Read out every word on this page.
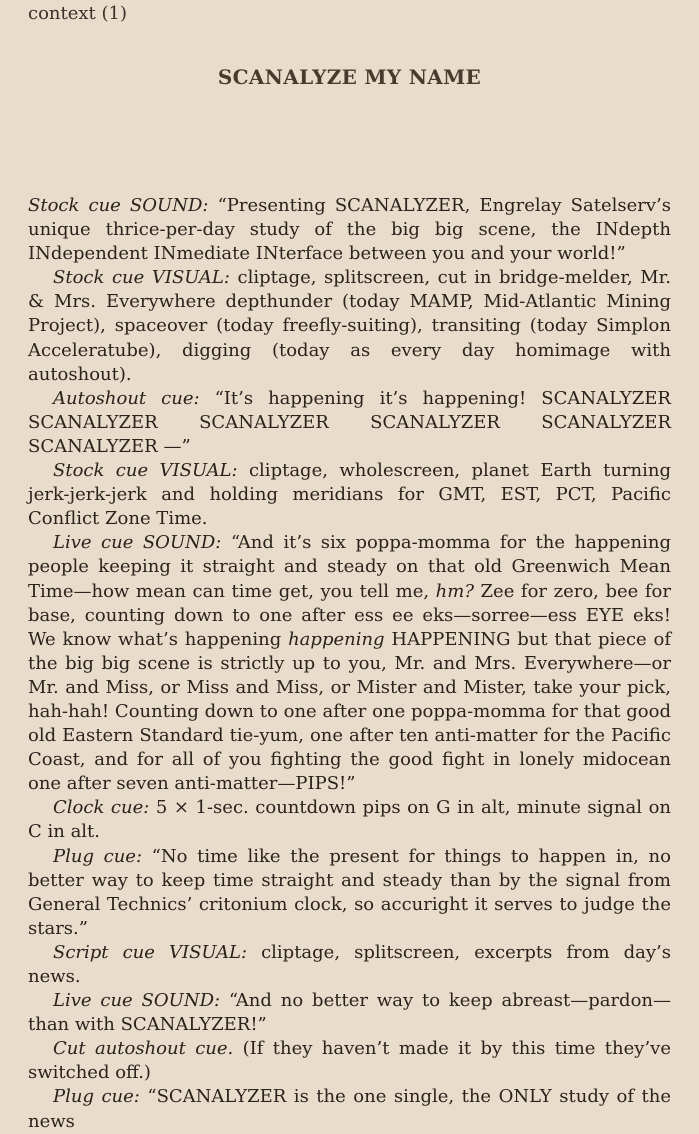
context (1)
SCANALYZE MY NAME

Stock cue SOUND: “Presenting SCANALYZER, Engrelay Satelserv’s unique thrice-per-day study of the big big scene, the INdepth INdependent INmediate INterface between you and your world!”

Stock cue VISUAL: cliptage, splitscreen, cut in bridge-melder, Mr. & Mrs. Everywhere depthunder (today MAMP, Mid-Atlantic Mining Project), spaceover (today freefly-suiting), transiting (today Simplon Acceleratube), digging (today as every day homimage with autoshout).

Autoshout cue: “It’s happening it’s happening! SCANALYZER SCANALYZER SCANALYZER SCANALYZER SCANALYZER SCANALYZER —”

Stock cue VISUAL: cliptage, wholescreen, planet Earth turning jerk-jerk-jerk and holding meridians for GMT, EST, PCT, Pacific Conflict Zone Time.

Live cue SOUND: “And it’s six poppa-momma for the happening people keeping it straight and steady on that old Greenwich Mean Time—how mean can time get, you tell me, hm? Zee for zero, bee for base, counting down to one after ess ee eks—sorree—ess EYE eks! We know what’s happening happening HAPPENING but that piece of the big big scene is strictly up to you, Mr. and Mrs. Everywhere—or Mr. and Miss, or Miss and Miss, or Mister and Mister, take your pick, hah-hah! Counting down to one after one poppa-momma for that good old Eastern Standard tie-yum, one after ten anti-matter for the Pacific Coast, and for all of you fighting the good fight in lonely midocean one after seven anti-matter—PIPS!”

Clock cue: 5 × 1-sec. countdown pips on G in alt, minute signal on C in alt.

Plug cue: “No time like the present for things to happen in, no better way to keep time straight and steady than by the signal from General Technics’ critonium clock, so accuright it serves to judge the stars.”

Script cue VISUAL: cliptage, splitscreen, excerpts from day’s news.

Live cue SOUND: “And no better way to keep abreast—pardon—than with SCANALYZER!”

Cut autoshout cue. (If they haven’t made it by this time they’ve switched off.)

Plug cue: “SCANALYZER is the one single, the ONLY study of the news
